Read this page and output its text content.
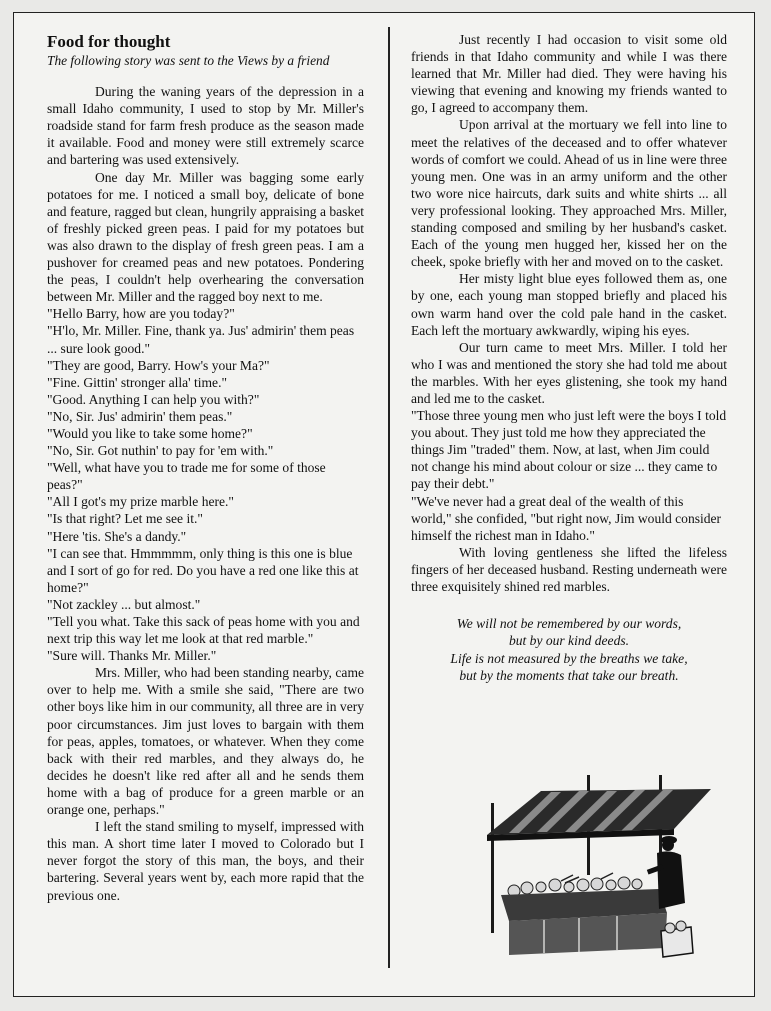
Food for thought

The following story was sent to the Views by a friend

During the waning years of the depression in a small Idaho community, I used to stop by Mr. Miller's roadside stand for farm fresh produce as the season made it available. Food and money were still extremely scarce and bartering was used extensively.

One day Mr. Miller was bagging some early potatoes for me. I noticed a small boy, delicate of bone and feature, ragged but clean, hungrily appraising a basket of freshly picked green peas. I paid for my potatoes but was also drawn to the display of fresh green peas. I am a pushover for creamed peas and new potatoes. Pondering the peas, I couldn't help overhearing the conversation between Mr. Miller and the ragged boy next to me.

"Hello Barry, how are you today?"

"H'lo, Mr. Miller. Fine, thank ya. Jus' admirin' them peas ... sure look good."

"They are good, Barry. How's your Ma?"

"Fine. Gittin' stronger alla' time."

"Good. Anything I can help you with?"

"No, Sir. Jus' admirin' them peas."

"Would you like to take some home?"

"No, Sir. Got nuthin' to pay for 'em with."

"Well, what have you to trade me for some of those peas?"

"All I got's my prize marble here."

"Is that right? Let me see it."

"Here 'tis. She's a dandy."

"I can see that. Hmmmmm, only thing is this one is blue and I sort of go for red. Do you have a red one like this at home?"

"Not zackley ... but almost."

"Tell you what. Take this sack of peas home with you and next trip this way let me look at that red marble."

"Sure will. Thanks Mr. Miller."

Mrs. Miller, who had been standing nearby, came over to help me. With a smile she said, "There are two other boys like him in our community, all three are in very poor circumstances. Jim just loves to bargain with them for peas, apples, tomatoes, or whatever. When they come back with their red marbles, and they always do, he decides he doesn't like red after all and he sends them home with a bag of produce for a green marble or an orange one, perhaps."

I left the stand smiling to myself, impressed with this man. A short time later I moved to Colorado but I never forgot the story of this man, the boys, and their bartering. Several years went by, each more rapid that the previous one.

Just recently I had occasion to visit some old friends in that Idaho community and while I was there learned that Mr. Miller had died. They were having his viewing that evening and knowing my friends wanted to go, I agreed to accompany them.

Upon arrival at the mortuary we fell into line to meet the relatives of the deceased and to offer whatever words of comfort we could. Ahead of us in line were three young men. One was in an army uniform and the other two wore nice haircuts, dark suits and white shirts ... all very professional looking. They approached Mrs. Miller, standing composed and smiling by her husband's casket. Each of the young men hugged her, kissed her on the cheek, spoke briefly with her and moved on to the casket.

Her misty light blue eyes followed them as, one by one, each young man stopped briefly and placed his own warm hand over the cold pale hand in the casket. Each left the mortuary awkwardly, wiping his eyes.

Our turn came to meet Mrs. Miller. I told her who I was and mentioned the story she had told me about the marbles. With her eyes glistening, she took my hand and led me to the casket.

"Those three young men who just left were the boys I told you about. They just told me how they appreciated the things Jim "traded" them. Now, at last, when Jim could not change his mind about colour or size ... they came to pay their debt."

"We've never had a great deal of the wealth of this world," she confided, "but right now, Jim would consider himself the richest man in Idaho."

With loving gentleness she lifted the lifeless fingers of her deceased husband. Resting underneath were three exquisitely shined red marbles.

We will not be remembered by our words,
but by our kind deeds.
Life is not measured by the breaths we take,
but by the moments that take our breath.
